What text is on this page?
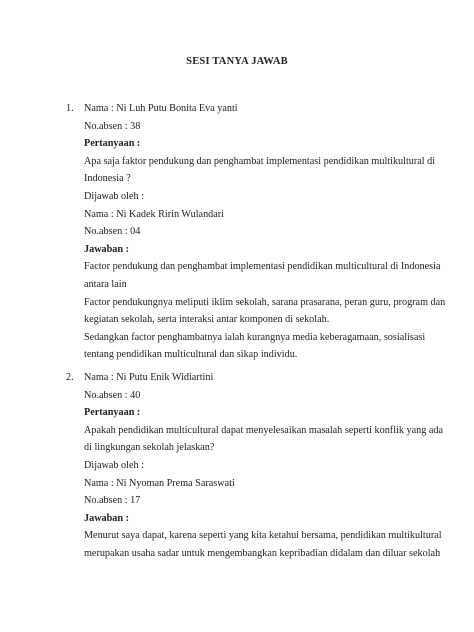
SESI TANYA JAWAB
1.	Nama : Ni Luh Putu Bonita Eva yanti

No.absen : 38

Pertanyaan :

Apa saja faktor pendukung dan penghambat implementasi pendidikan multikultural di

Indonesia ?

Dijawab oleh :

Nama : Ni Kadek Ririn Wulandari

No.absen : 04

Jawaban :

Factor pendukung dan penghambat implementasi pendidikan multicultural di Indonesia

antara lain

Factor pendukungnya meliputi iklim sekolah, sarana prasarana, peran guru, program dan

kegiatan sekolah, serta interaksi antar komponen di sekolah.

Sedangkan factor penghambatnya ialah kurangnya media keberagamaan, sosialisasi

tentang pendidikan multicultural dan sikap individu.

2.	Nama : Ni Putu Enik Widiartini

No.absen : 40

Pertanyaan :

Apakah pendidikan multicultural dapat menyelesaikan masalah seperti konflik yang ada

di lingkungan sekolah jelaskan?

Dijawab oleh :

Nama : Ni Nyoman Prema Saraswati

No.absen : 17

Jawaban :

Menurut saya dapat, karena seperti yang kita ketahui bersama, pendidikan multikultural

merupakan usaha sadar untuk mengembangkan kepribadian didalam dan diluar sekolah
